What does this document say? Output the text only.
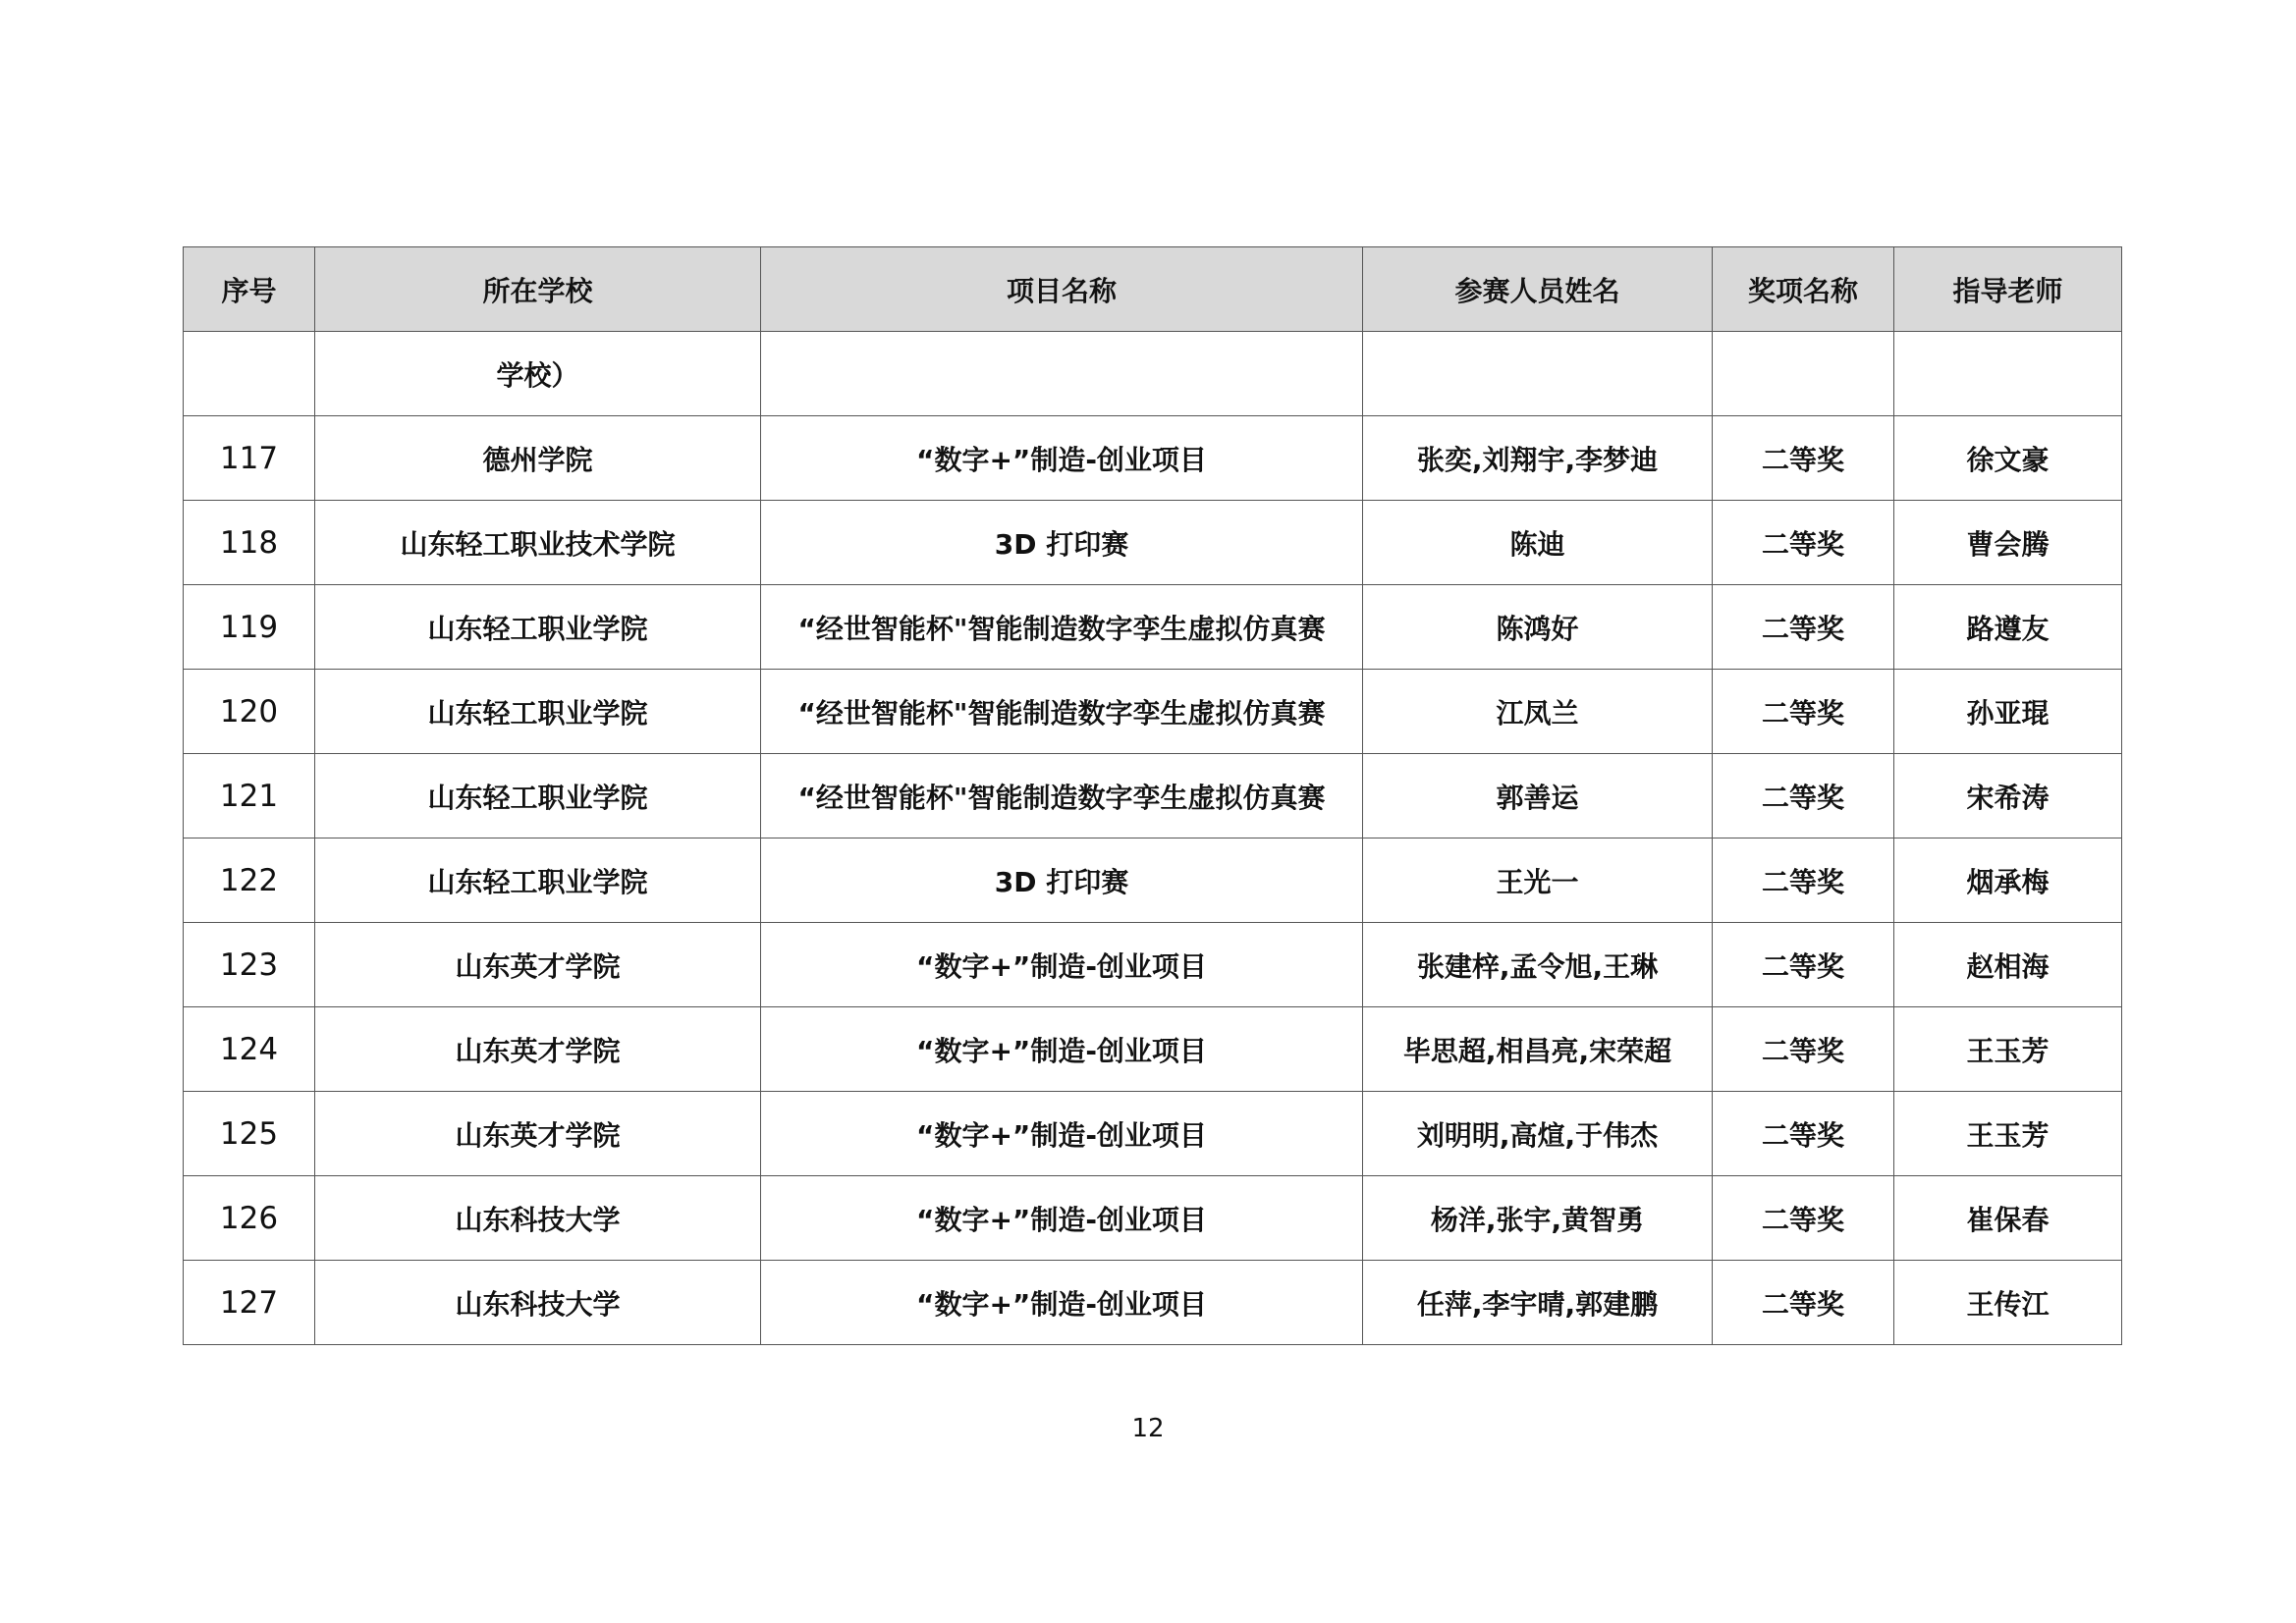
序号	所在学校	项目名称	参赛人员姓名	奖项名称	指导老师
	学校）				
117	德州学院	“数字+”制造-创业项目	张奕,刘翔宇,李梦迪	二等奖	徐文豪
118	山东轻工职业技术学院	3D 打印赛	陈迪	二等奖	曹会腾
119	山东轻工职业学院	“经世智能杯"智能制造数字孪生虚拟仿真赛	陈鸿好	二等奖	路遵友
120	山东轻工职业学院	“经世智能杯"智能制造数字孪生虚拟仿真赛	江凤兰	二等奖	孙亚琨
121	山东轻工职业学院	“经世智能杯"智能制造数字孪生虚拟仿真赛	郭善运	二等奖	宋希涛
122	山东轻工职业学院	3D 打印赛	王光一	二等奖	烟承梅
123	山东英才学院	“数字+”制造-创业项目	张建梓,孟令旭,王琳	二等奖	赵相海
124	山东英才学院	“数字+”制造-创业项目	毕思超,相昌亮,宋荣超	二等奖	王玉芳
125	山东英才学院	“数字+”制造-创业项目	刘明明,高煊,于伟杰	二等奖	王玉芳
126	山东科技大学	“数字+”制造-创业项目	杨洋,张宇,黄智勇	二等奖	崔保春
127	山东科技大学	“数字+”制造-创业项目	任萍,李宇晴,郭建鹏	二等奖	王传江
12
